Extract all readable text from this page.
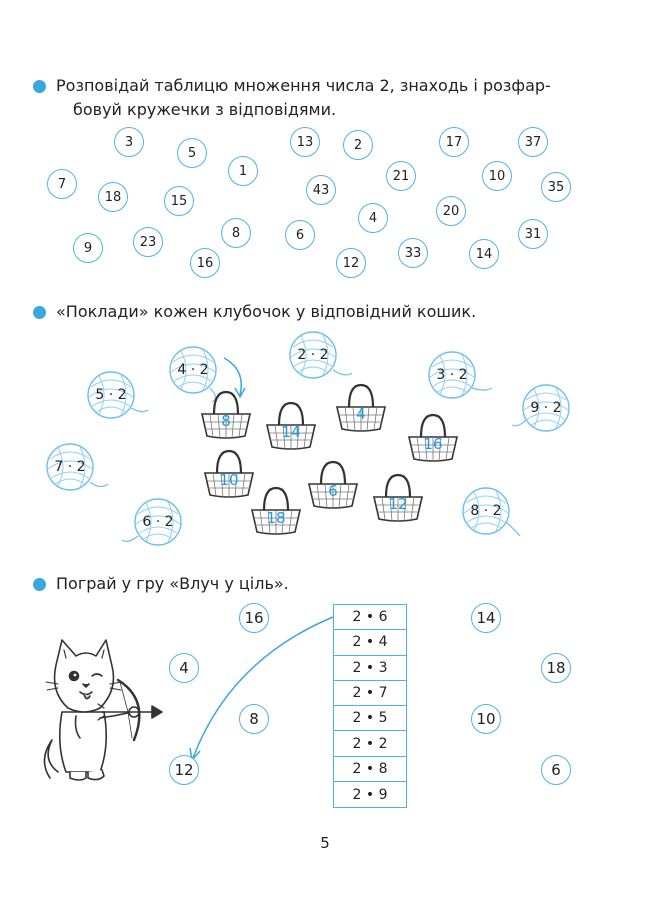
Розповідай таблицю множення числа 2, знаходь і розфар-
бовуй кружечки з відповідями.
3
5
1
13	2	17	37
7
18	15
43
21	10
35
9	23
16
8	6
12
4
33
20
14
31
«Поклади» кожен клубочок у відповідний кошик.
4 · 2
2 · 2
3 · 2
5 · 2
9 · 2
7 · 2
6 · 2
8 · 2
8
14
4
16
10
6
12
18
Пограй у гру «Влуч у ціль».
16
4
8
12
14
18
10
6
2 • 6
2 • 4
2 • 3
2 • 7
2 • 5
2 • 2
2 • 8
2 • 9
5
